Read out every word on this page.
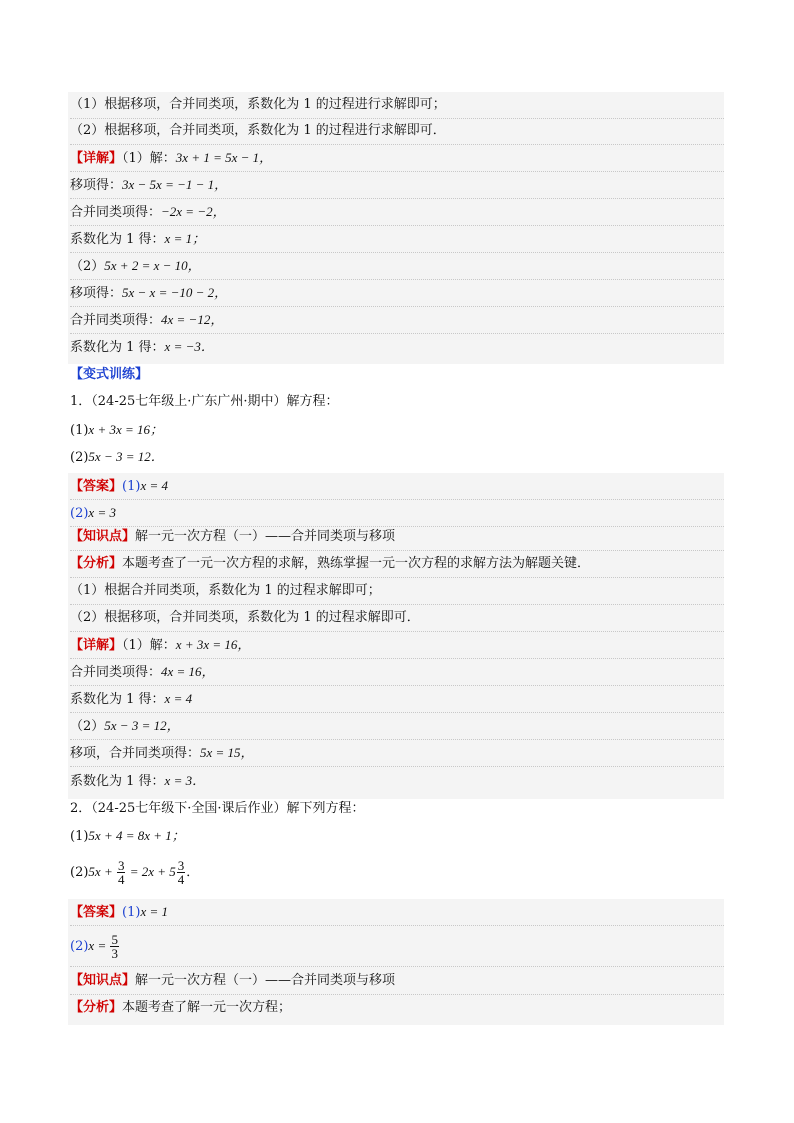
（1）根据移项，合并同类项，系数化为 1 的过程进行求解即可；
（2）根据移项，合并同类项，系数化为 1 的过程进行求解即可．
【详解】（1）解：3x + 1 = 5x − 1，
移项得：3x − 5x = −1 − 1，
合并同类项得：−2x = −2，
系数化为 1 得：x = 1；
（2）5x + 2 = x − 10，
移项得：5x − x = −10 − 2，
合并同类项得：4x = −12，
系数化为 1 得：x = −3．
【变式训练】
1．（24-25七年级上·广东广州·期中）解方程：
(1)x + 3x = 16；
(2)5x − 3 = 12．
【答案】(1)x = 4
(2)x = 3
【知识点】解一元一次方程（一）——合并同类项与移项
【分析】本题考查了一元一次方程的求解，熟练掌握一元一次方程的求解方法为解题关键．
（1）根据合并同类项，系数化为 1 的过程求解即可；
（2）根据移项，合并同类项，系数化为 1 的过程求解即可．
【详解】（1）解：x + 3x = 16，
合并同类项得：4x = 16，
系数化为 1 得：x = 4
（2）5x − 3 = 12，
移项，合并同类项得：5x = 15，
系数化为 1 得：x = 3．
2．（24-25七年级下·全国·课后作业）解下列方程：
(1)5x + 4 = 8x + 1；
$(2)5x + \frac{3}{4} = 2x + 5 \frac{3}{4}$ ．
【答案】(1)x = 1
$(2)x = \frac{5}{3}$
【知识点】解一元一次方程（一）——合并同类项与移项
【分析】本题考查了解一元一次方程；
